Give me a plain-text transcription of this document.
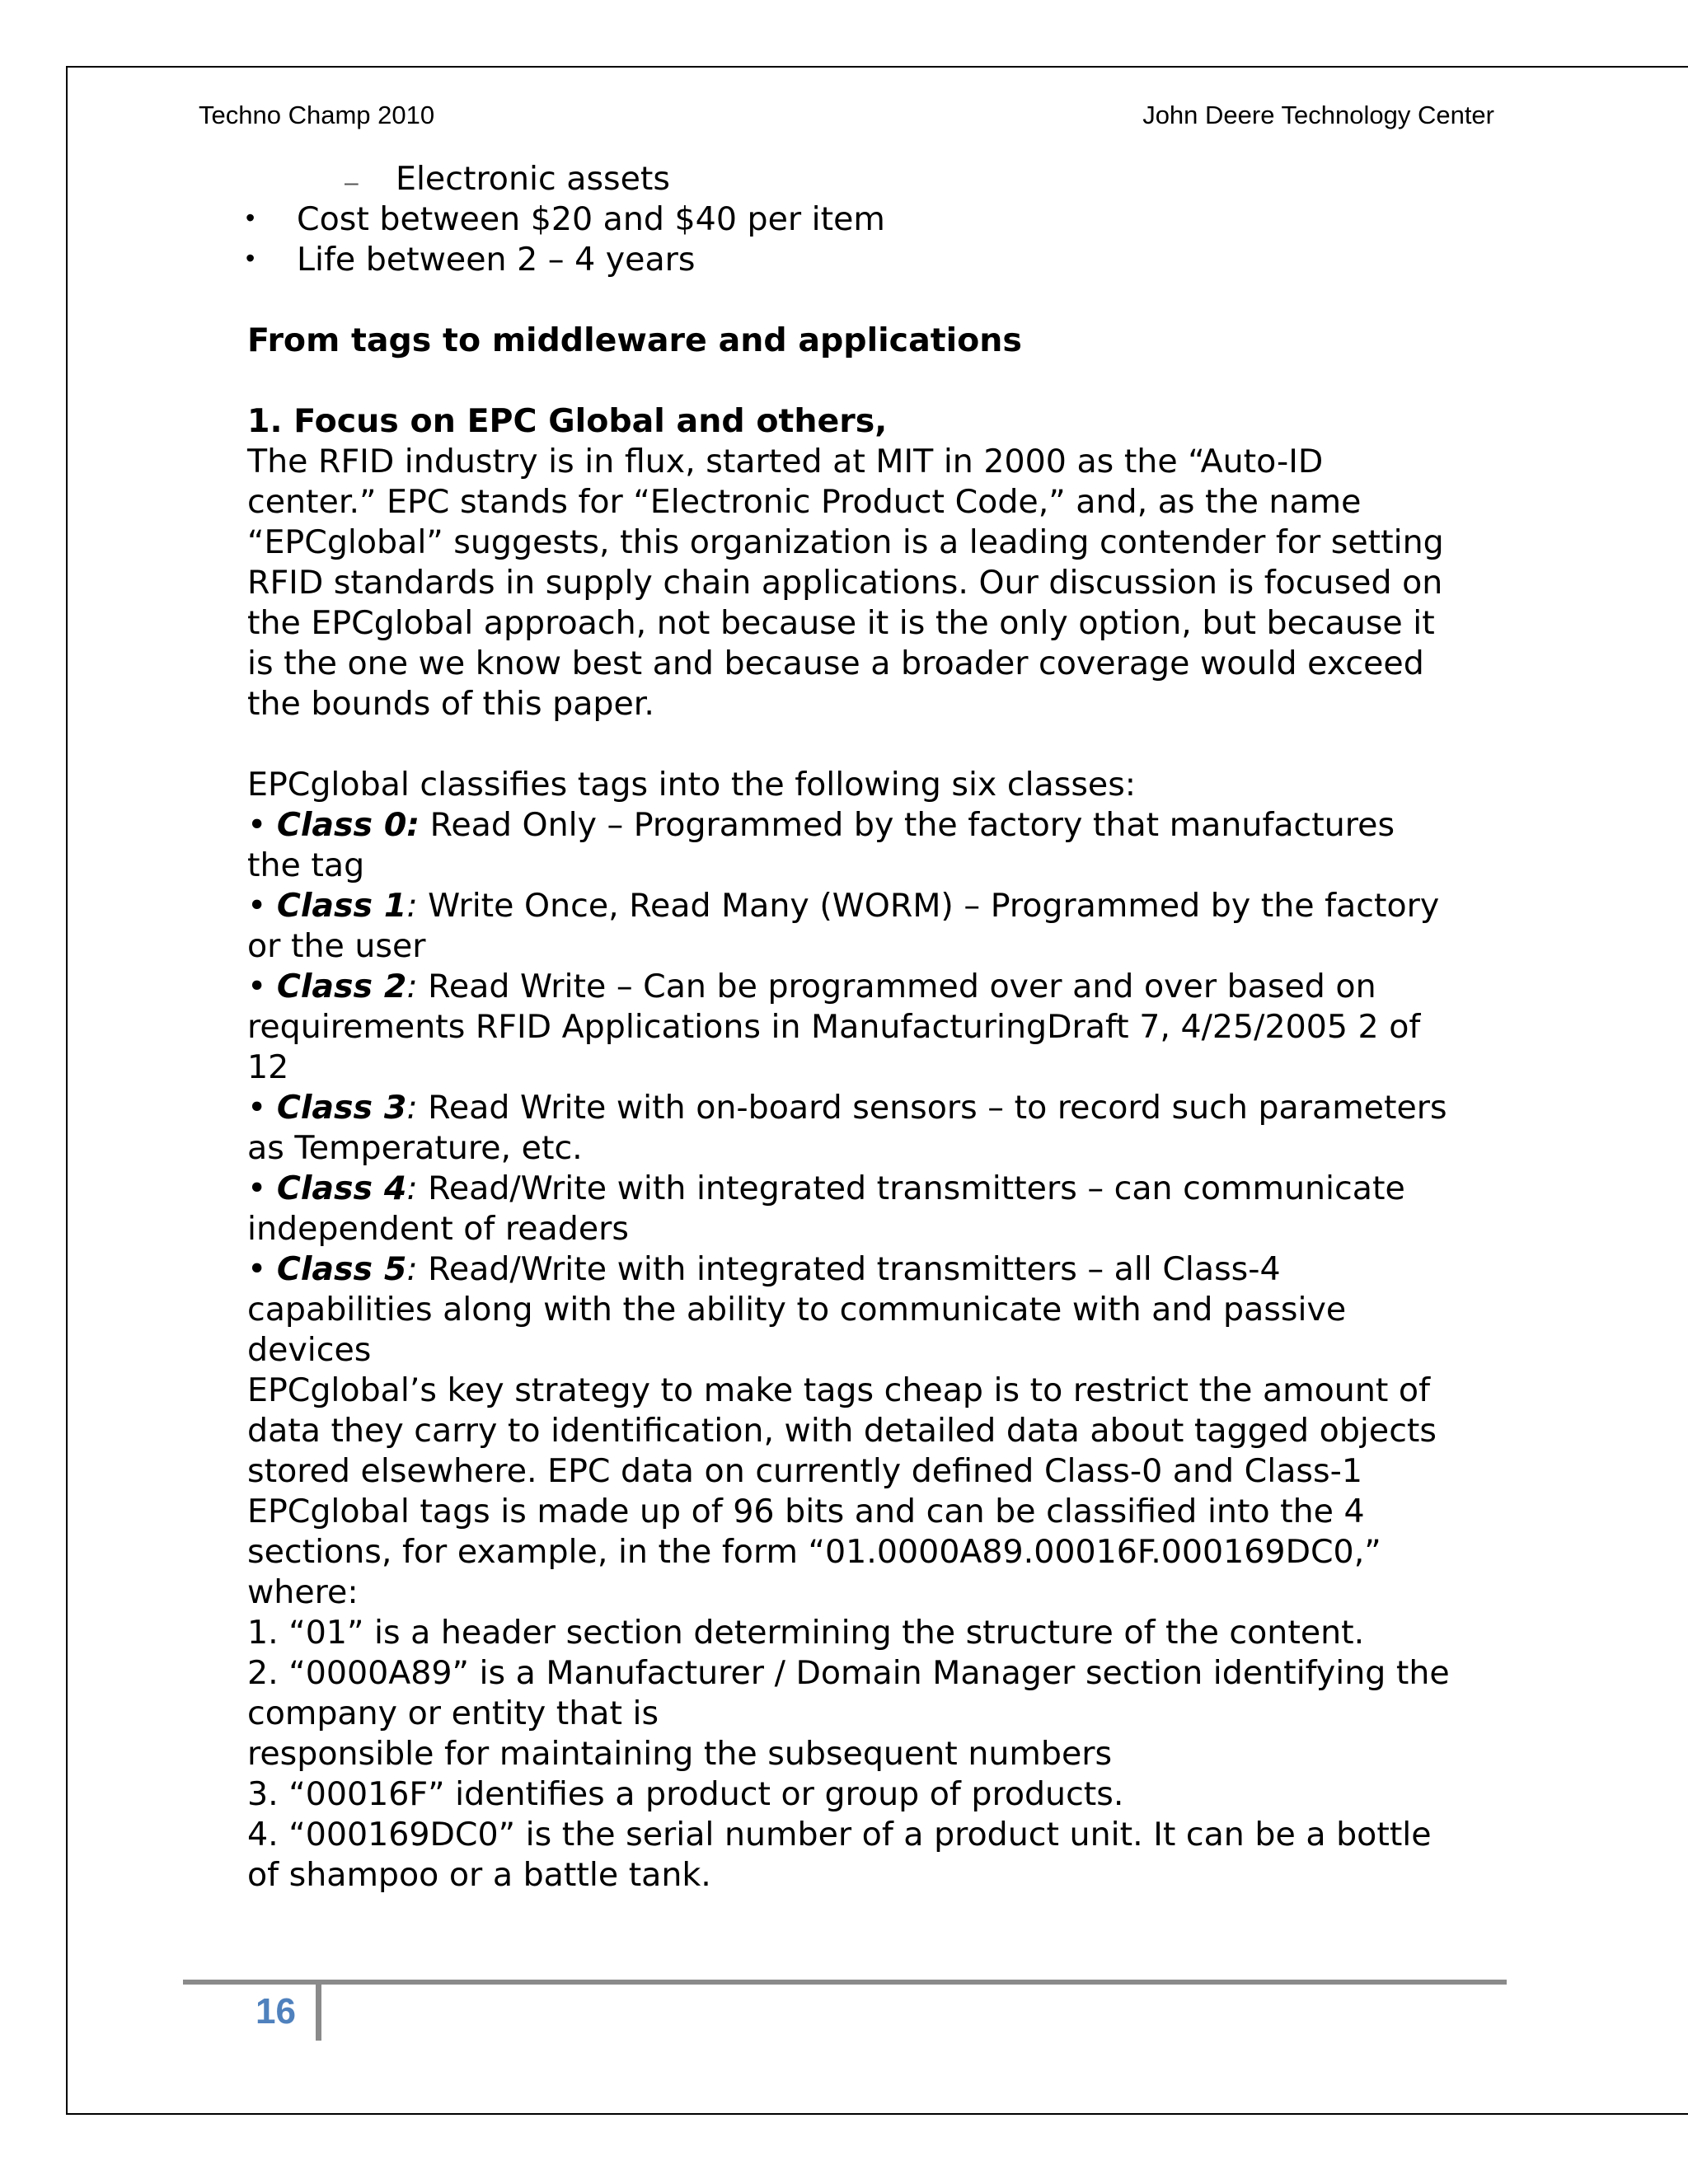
Techno Champ 2010	John Deere Technology Center
– Electronic assets
• Cost between $20 and $40 per item
• Life between 2 – 4 years
From tags to middleware and applications
1. Focus on EPC Global and others,
The RFID industry is in flux, started at MIT in 2000 as the “Auto-ID
center.” EPC stands for “Electronic Product Code,” and, as the name
“EPCglobal” suggests, this organization is a leading contender for setting
RFID standards in supply chain applications. Our discussion is focused on
the EPCglobal approach, not because it is the only option, but because it
is the one we know best and because a broader coverage would exceed
the bounds of this paper.
EPCglobal classifies tags into the following six classes:
• Class 0: Read Only – Programmed by the factory that manufactures
the tag
• Class 1: Write Once, Read Many (WORM) – Programmed by the factory
or the user
• Class 2: Read Write – Can be programmed over and over based on
requirements RFID Applications in ManufacturingDraft 7, 4/25/2005 2 of
12
• Class 3: Read Write with on-board sensors – to record such parameters
as Temperature, etc.
• Class 4: Read/Write with integrated transmitters – can communicate
independent of readers
• Class 5: Read/Write with integrated transmitters – all Class-4
capabilities along with the ability to communicate with and passive
devices
EPCglobal’s key strategy to make tags cheap is to restrict the amount of
data they carry to identification, with detailed data about tagged objects
stored elsewhere. EPC data on currently defined Class-0 and Class-1
EPCglobal tags is made up of 96 bits and can be classified into the 4
sections, for example, in the form “01.0000A89.00016F.000169DC0,”
where:
1. “01” is a header section determining the structure of the content.
2. “0000A89” is a Manufacturer / Domain Manager section identifying the
company or entity that is
responsible for maintaining the subsequent numbers
3. “00016F” identifies a product or group of products.
4. “000169DC0” is the serial number of a product unit. It can be a bottle
of shampoo or a battle tank.
16
